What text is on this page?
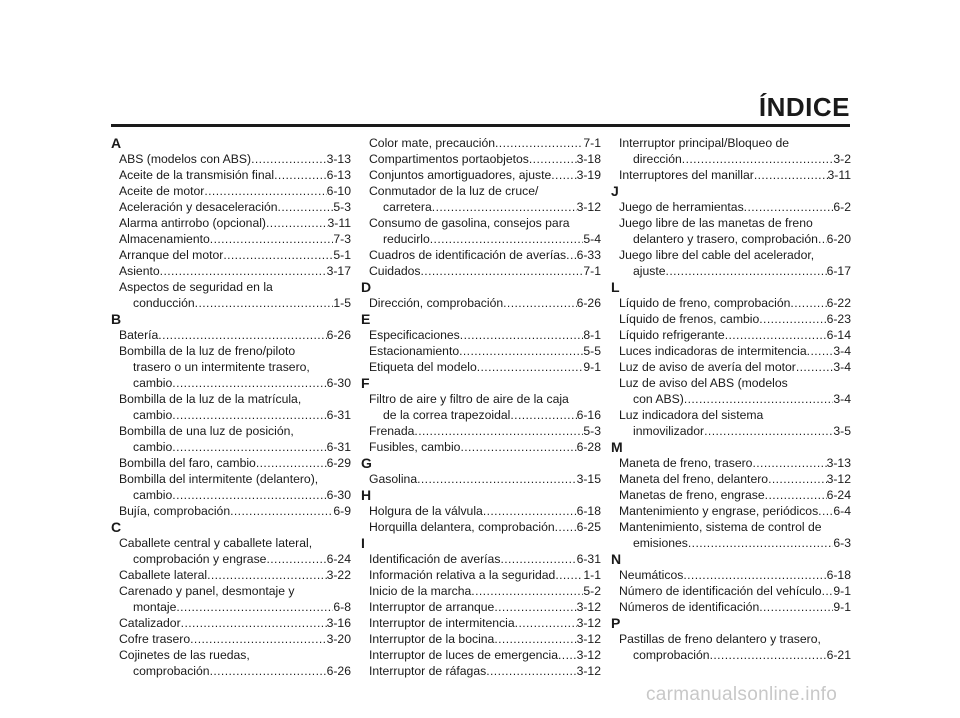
ÍNDICE
A
ABS (modelos con ABS) .....	3-13
Aceite de la transmisión final .....	6-13
Aceite de motor .....	6-10
Aceleración y desaceleración .....	5-3
Alarma antirrobo (opcional) .....	3-11
Almacenamiento .....	7-3
Arranque del motor .....	5-1
Asiento .....	3-17
Aspectos de seguridad en la
conducción .....	1-5
B
Batería .....	6-26
Bombilla de la luz de freno/piloto
trasero o un intermitente trasero,
cambio .....	6-30
Bombilla de la luz de la matrícula,
cambio .....	6-31
Bombilla de una luz de posición,
cambio .....	6-31
Bombilla del faro, cambio .....	6-29
Bombilla del intermitente (delantero),
cambio .....	6-30
Bujía, comprobación .....	6-9
C
Caballete central y caballete lateral,
comprobación y engrase .....	6-24
Caballete lateral .....	3-22
Carenado y panel, desmontaje y
montaje .....	6-8
Catalizador .....	3-16
Cofre trasero .....	3-20
Cojinetes de las ruedas,
comprobación .....	6-26
Color mate, precaución .....	7-1
Compartimentos portaobjetos .....	3-18
Conjuntos amortiguadores, ajuste ..... 3-19
Conmutador de la luz de cruce/
carretera .....	3-12
Consumo de gasolina, consejos para
reducirlo .....	5-4
Cuadros de identificación de averías ..... 6-33
Cuidados .....	7-1
D
Dirección, comprobación .....	6-26
E
Especificaciones .....	8-1
Estacionamiento .....	5-5
Etiqueta del modelo .....	9-1
F
Filtro de aire y filtro de aire de la caja
de la correa trapezoidal .....	6-16
Frenada .....	5-3
Fusibles, cambio .....	6-28
G
Gasolina .....	3-15
H
Holgura de la válvula .....	6-18
Horquilla delantera, comprobación ..... 6-25
I
Identificación de averías .....	6-31
Información relativa a la seguridad ..... 1-1
Inicio de la marcha .....	5-2
Interruptor de arranque .....	3-12
Interruptor de intermitencia .....	3-12
Interruptor de la bocina .....	3-12
Interruptor de luces de emergencia ..... 3-12
Interruptor de ráfagas .....	3-12
Interruptor principal/Bloqueo de
dirección .....	3-2
Interruptores del manillar .....	3-11
J
Juego de herramientas .....	6-2
Juego libre de las manetas de freno
delantero y trasero, comprobación ..... 6-20
Juego libre del cable del acelerador,
ajuste .....	6-17
L
Líquido de freno, comprobación .....	6-22
Líquido de frenos, cambio .....	6-23
Líquido refrigerante .....	6-14
Luces indicadoras de intermitencia ..... 3-4
Luz de aviso de avería del motor .....	3-4
Luz de aviso del ABS (modelos
con ABS) .....	3-4
Luz indicadora del sistema
inmovilizador .....	3-5
M
Maneta de freno, trasero .....	3-13
Maneta del freno, delantero .....	3-12
Manetas de freno, engrase .....	6-24
Mantenimiento y engrase, periódicos ..... 6-4
Mantenimiento, sistema de control de
emisiones .....	6-3
N
Neumáticos .....	6-18
Número de identificación del vehículo ..... 9-1
Números de identificación .....	9-1
P
Pastillas de freno delantero y trasero,
comprobación .....	6-21
carmanualsonline.info
